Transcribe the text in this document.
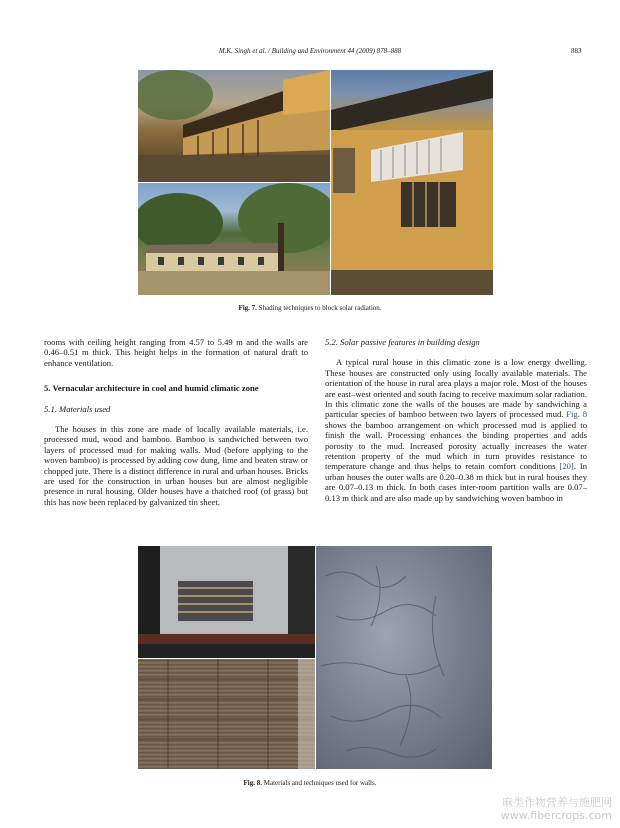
M.K. Singh et al. / Building and Environment 44 (2009) 878–888	883
Fig. 7. Shading techniques to block solar radiation.

rooms with ceiling height ranging from 4.57 to 5.49 m and the walls are 0.46–0.51 m thick. This height helps in the formation of natural draft to enhance ventilation.

5. Vernacular architecture in cool and humid climatic zone

5.1. Materials used

The houses in this zone are made of locally available materials, i.e. processed mud, wood and bamboo. Bamboo is sandwiched between two layers of processed mud for making walls. Mud (before applying to the woven bamboo) is processed by adding cow dung, lime and beaten straw or chopped jute. There is a distinct difference in rural and urban houses. Bricks are used for the construction in urban houses but are almost negligible presence in rural housing. Older houses have a thatched roof (of grass) but this has now been replaced by galvanized tin sheet.

5.2. Solar passive features in building design

A typical rural house in this climatic zone is a low energy dwelling. These houses are constructed only using locally available materials. The orientation of the house in rural area plays a major role. Most of the houses are east–west oriented and south facing to receive maximum solar radiation. In this climatic zone the walls of the houses are made by sandwiching a particular species of bamboo between two layers of processed mud. Fig. 8 shows the bamboo arrangement on which processed mud is applied to finish the wall. Processing enhances the binding properties and adds porosity to the mud. Increased porosity actually increases the water retention property of the mud which in turn provides resistance to temperature change and thus helps to retain comfort conditions [20]. In urban houses the outer walls are 0.20–0.38 m thick but in rural houses they are 0.07–0.13 m thick. In both cases inter-room partition walls are 0.07–0.13 m thick and are also made up by sandwiching woven bamboo in

Fig. 8. Materials and techniques used for walls.
麻类作物营养与施肥网
www.fibercrops.com
